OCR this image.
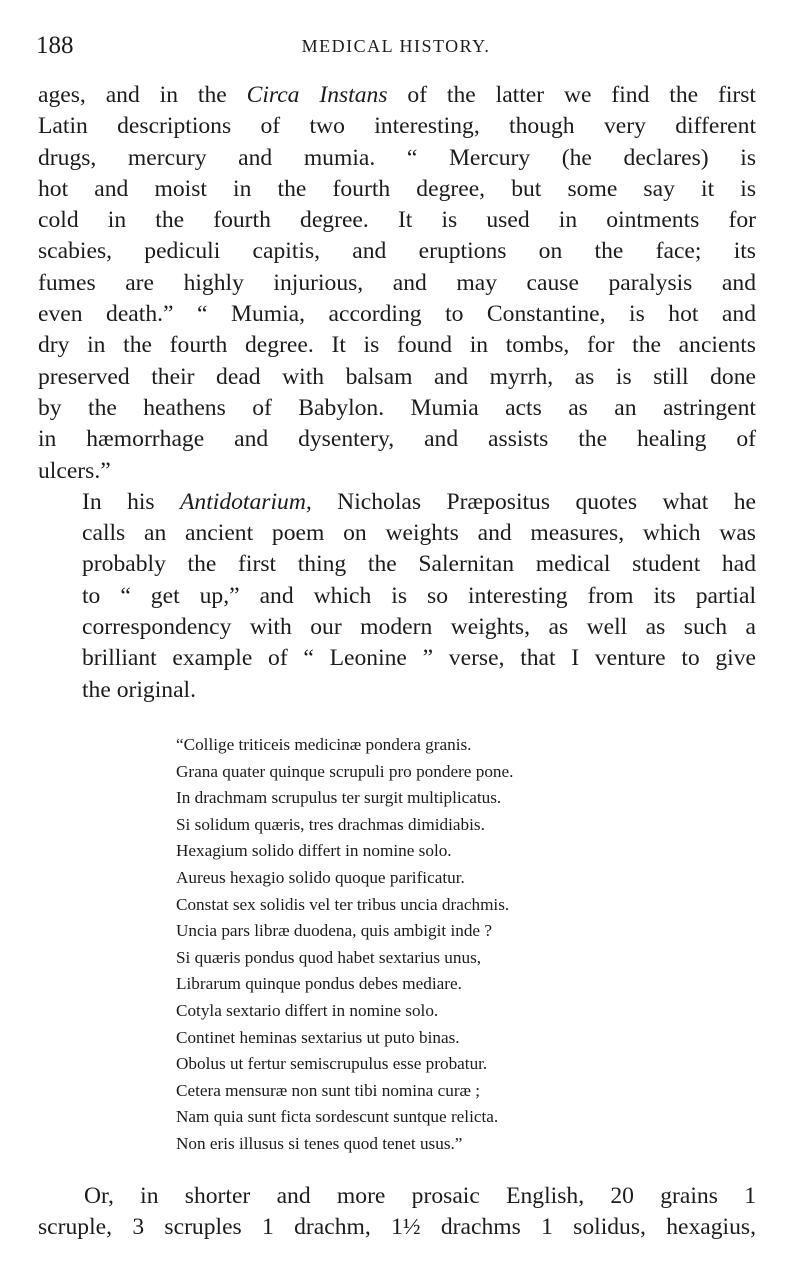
188	MEDICAL HISTORY.

ages, and in the Circa Instans of the latter we find the first
Latin descriptions of two interesting, though very different
drugs, mercury and mumia. “ Mercury (he declares) is
hot and moist in the fourth degree, but some say it is
cold in the fourth degree. It is used in ointments for
scabies, pediculi capitis, and eruptions on the face; its
fumes are highly injurious, and may cause paralysis and
even death.” “ Mumia, according to Constantine, is hot and
dry in the fourth degree. It is found in tombs, for the ancients
preserved their dead with balsam and myrrh, as is still done
by the heathens of Babylon. Mumia acts as an astringent
in hæmorrhage and dysentery, and assists the healing of
ulcers.”

In his Antidotarium, Nicholas Præpositus quotes what he
calls an ancient poem on weights and measures, which was
probably the first thing the Salernitan medical student had
to “ get up,” and which is so interesting from its partial
correspondency with our modern weights, as well as such a
brilliant example of “ Leonine ” verse, that I venture to give
the original.

“Collige triticeis medicinæ pondera granis.
Grana quater quinque scrupuli pro pondere pone.
In drachmam scrupulus ter surgit multiplicatus.
Si solidum quæris, tres drachmas dimidiabis.
Hexagium solido differt in nomine solo.
Aureus hexagio solido quoque parificatur.
Constat sex solidis vel ter tribus uncia drachmis.
Uncia pars libræ duodena, quis ambigit inde ?
Si quæris pondus quod habet sextarius unus,
Librarum quinque pondus debes mediare.
Cotyla sextario differt in nomine solo.
Continet heminas sextarius ut puto binas.
Obolus ut fertur semiscrupulus esse probatur.
Cetera mensuræ non sunt tibi nomina curæ ;
Nam quia sunt ficta sordescunt suntque relicta.
Non eris illusus si tenes quod tenet usus.”
Or, in shorter and more prosaic English, 20 grains 1
scruple, 3 scruples 1 drachm, 1½ drachms 1 solidus, hexagius,
